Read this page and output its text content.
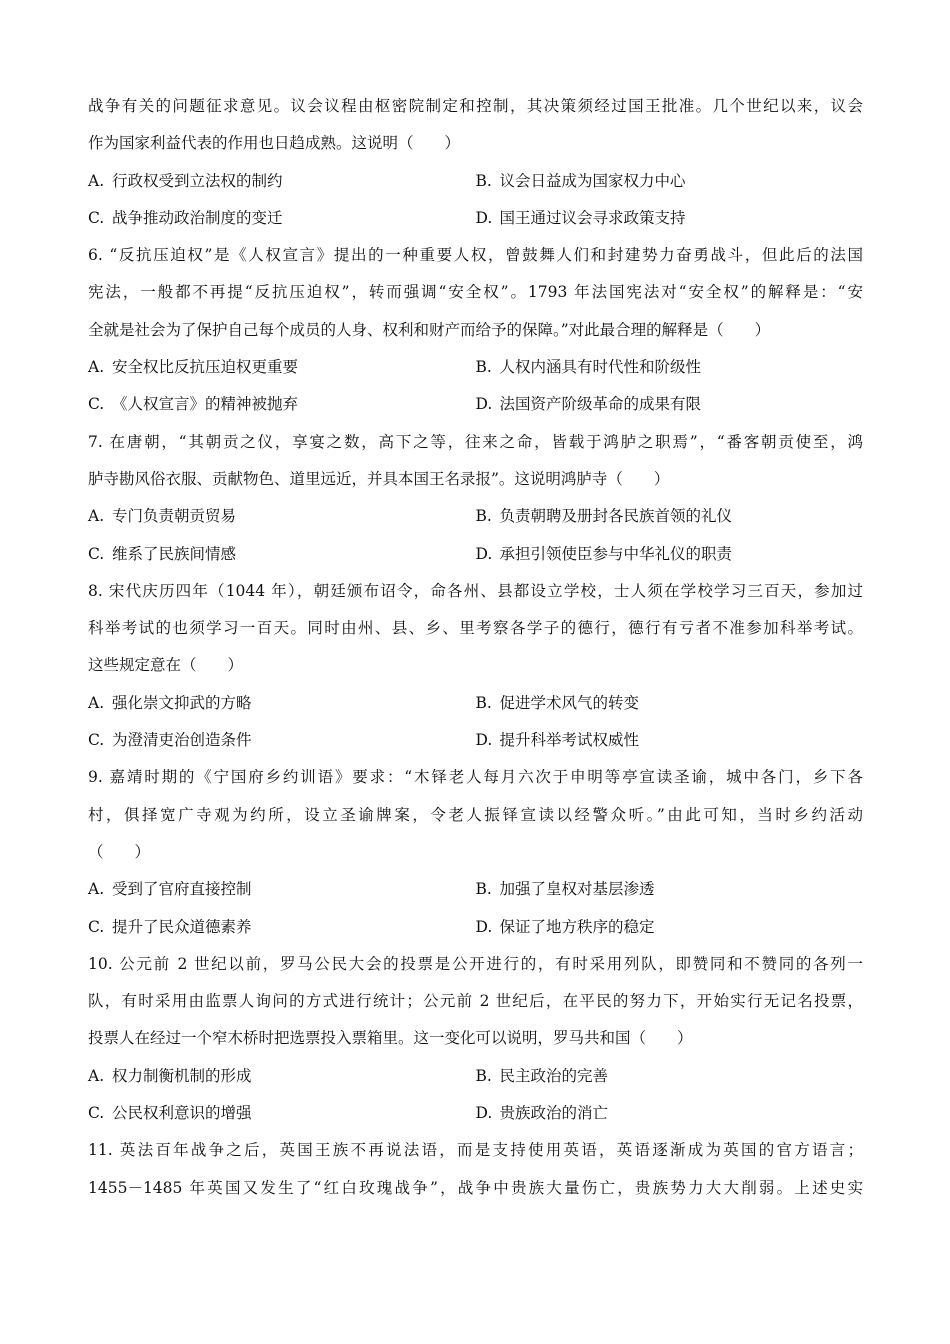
战争有关的问题征求意见。议会议程由枢密院制定和控制，其决策须经过国王批准。几个世纪以来，议会
作为国家利益代表的作用也日趋成熟。这说明（　　）
A. 行政权受到立法权的制约	B. 议会日益成为国家权力中心
C. 战争推动政治制度的变迁	D. 国王通过议会寻求政策支持
6. “反抗压迫权”是《人权宣言》提出的一种重要人权，曾鼓舞人们和封建势力奋勇战斗，但此后的法国
宪法，一般都不再提“反抗压迫权”，转而强调“安全权”。1793 年法国宪法对“安全权”的解释是：“安
全就是社会为了保护自己每个成员的人身、权利和财产而给予的保障。”对此最合理的解释是（　　）
A. 安全权比反抗压迫权更重要	B. 人权内涵具有时代性和阶级性
C. 《人权宣言》的精神被抛弃	D. 法国资产阶级革命的成果有限
7. 在唐朝，“其朝贡之仪，享宴之数，高下之等，往来之命，皆载于鸿胪之职焉”，“番客朝贡使至，鸿
胪寺勘风俗衣服、贡献物色、道里远近，并具本国王名录报”。这说明鸿胪寺（　　）
A. 专门负责朝贡贸易	B. 负责朝聘及册封各民族首领的礼仪
C. 维系了民族间情感	D. 承担引领使臣参与中华礼仪的职责
8. 宋代庆历四年（1044 年），朝廷颁布诏令，命各州、县都设立学校，士人须在学校学习三百天，参加过
科举考试的也须学习一百天。同时由州、县、乡、里考察各学子的德行，德行有亏者不准参加科举考试。
这些规定意在（　　）
A. 强化崇文抑武的方略	B. 促进学术风气的转变
C. 为澄清吏治创造条件	D. 提升科举考试权威性
9. 嘉靖时期的《宁国府乡约训语》要求：“木铎老人每月六次于申明等亭宣读圣谕，城中各门，乡下各
村，俱择宽广寺观为约所，设立圣谕牌案，令老人振铎宣读以经警众听。”由此可知，当时乡约活动
（　　）
A. 受到了官府直接控制	B. 加强了皇权对基层渗透
C. 提升了民众道德素养	D. 保证了地方秩序的稳定
10. 公元前 2 世纪以前，罗马公民大会的投票是公开进行的，有时采用列队，即赞同和不赞同的各列一
队，有时采用由监票人询问的方式进行统计；公元前 2 世纪后，在平民的努力下，开始实行无记名投票，
投票人在经过一个窄木桥时把选票投入票箱里。这一变化可以说明，罗马共和国（　　）
A. 权力制衡机制的形成	B. 民主政治的完善
C. 公民权利意识的增强	D. 贵族政治的消亡
11. 英法百年战争之后，英国王族不再说法语，而是支持使用英语，英语逐渐成为英国的官方语言；
1455－1485 年英国又发生了“红白玫瑰战争”，战争中贵族大量伤亡，贵族势力大大削弱。上述史实
